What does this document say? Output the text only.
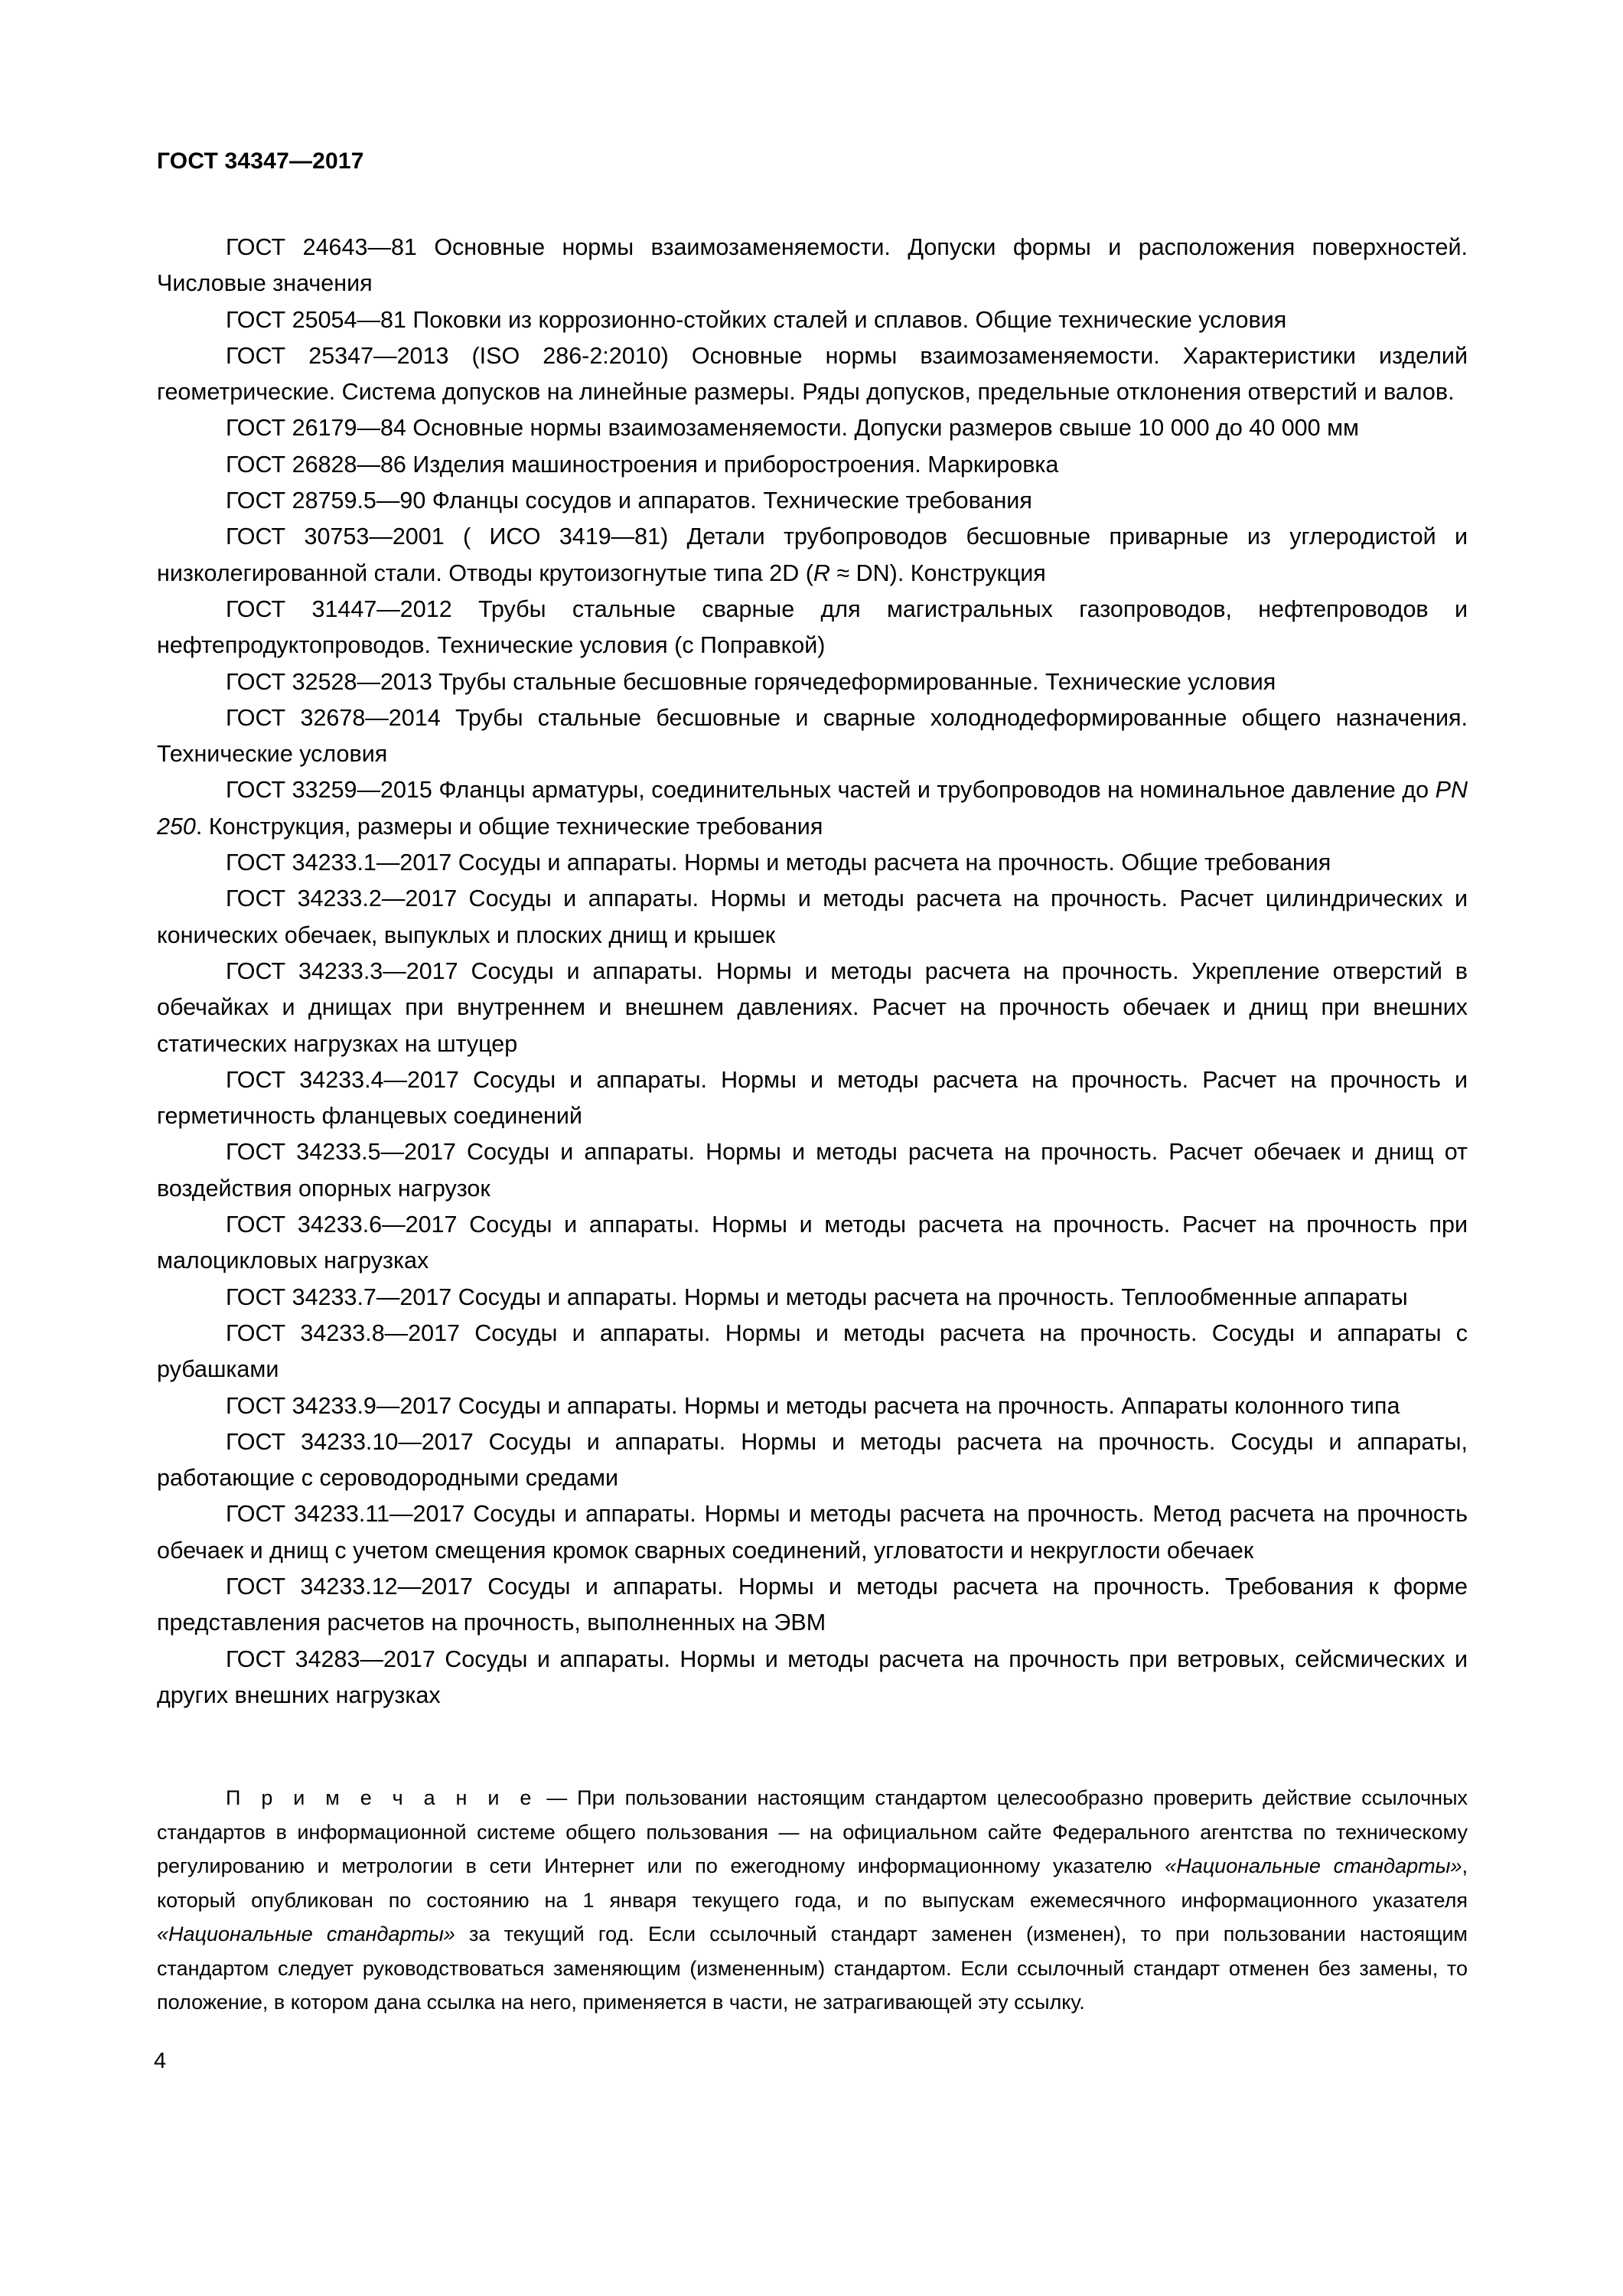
ГОСТ 34347—2017

ГОСТ 24643—81 Основные нормы взаимозаменяемости. Допуски формы и расположения поверхностей. Числовые значения

ГОСТ 25054—81 Поковки из коррозионно-стойких сталей и сплавов. Общие технические условия

ГОСТ 25347—2013 (ISO 286-2:2010) Основные нормы взаимозаменяемости. Характеристики изделий геометрические. Система допусков на линейные размеры. Ряды допусков, предельные отклонения отверстий и валов.

ГОСТ 26179—84 Основные нормы взаимозаменяемости. Допуски размеров свыше 10 000 до 40 000 мм

ГОСТ 26828—86 Изделия машиностроения и приборостроения. Маркировка

ГОСТ 28759.5—90 Фланцы сосудов и аппаратов. Технические требования

ГОСТ 30753—2001 ( ИСО 3419—81) Детали трубопроводов бесшовные приварные из углеродистой и низколегированной стали. Отводы крутоизогнутые типа 2D (R ≈ DN). Конструкция

ГОСТ 31447—2012 Трубы стальные сварные для магистральных газопроводов, нефтепроводов и нефтепродуктопроводов. Технические условия (с Поправкой)

ГОСТ 32528—2013 Трубы стальные бесшовные горячедеформированные. Технические условия

ГОСТ 32678—2014 Трубы стальные бесшовные и сварные холоднодеформированные общего назначения. Технические условия

ГОСТ 33259—2015 Фланцы арматуры, соединительных частей и трубопроводов на номинальное давление до PN 250. Конструкция, размеры и общие технические требования

ГОСТ 34233.1—2017 Сосуды и аппараты. Нормы и методы расчета на прочность. Общие требования

ГОСТ 34233.2—2017 Сосуды и аппараты. Нормы и методы расчета на прочность. Расчет цилиндрических и конических обечаек, выпуклых и плоских днищ и крышек

ГОСТ 34233.3—2017 Сосуды и аппараты. Нормы и методы расчета на прочность. Укрепление отверстий в обечайках и днищах при внутреннем и внешнем давлениях. Расчет на прочность обечаек и днищ при внешних статических нагрузках на штуцер

ГОСТ 34233.4—2017 Сосуды и аппараты. Нормы и методы расчета на прочность. Расчет на прочность и герметичность фланцевых соединений

ГОСТ 34233.5—2017 Сосуды и аппараты. Нормы и методы расчета на прочность. Расчет обечаек и днищ от воздействия опорных нагрузок

ГОСТ 34233.6—2017 Сосуды и аппараты. Нормы и методы расчета на прочность. Расчет на прочность при малоцикловых нагрузках

ГОСТ 34233.7—2017 Сосуды и аппараты. Нормы и методы расчета на прочность. Теплообменные аппараты

ГОСТ 34233.8—2017 Сосуды и аппараты. Нормы и методы расчета на прочность. Сосуды и аппараты с рубашками

ГОСТ 34233.9—2017 Сосуды и аппараты. Нормы и методы расчета на прочность. Аппараты колонного типа

ГОСТ 34233.10—2017 Сосуды и аппараты. Нормы и методы расчета на прочность. Сосуды и аппараты, работающие с сероводородными средами

ГОСТ 34233.11—2017 Сосуды и аппараты. Нормы и методы расчета на прочность. Метод расчета на прочность обечаек и днищ с учетом смещения кромок сварных соединений, угловатости и некруглости обечаек

ГОСТ 34233.12—2017 Сосуды и аппараты. Нормы и методы расчета на прочность. Требования к форме представления расчетов на прочность, выполненных на ЭВМ

ГОСТ 34283—2017 Сосуды и аппараты. Нормы и методы расчета на прочность при ветровых, сейсмических и других внешних нагрузках

П р и м е ч а н и е — При пользовании настоящим стандартом целесообразно проверить действие ссылочных стандартов в информационной системе общего пользования — на официальном сайте Федерального агентства по техническому регулированию и метрологии в сети Интернет или по ежегодному информационному указателю «Национальные стандарты», который опубликован по состоянию на 1 января текущего года, и по выпускам ежемесячного информационного указателя «Национальные стандарты» за текущий год. Если ссылочный стандарт заменен (изменен), то при пользовании настоящим стандартом следует руководствоваться заменяющим (измененным) стандартом. Если ссылочный стандарт отменен без замены, то положение, в котором дана ссылка на него, применяется в части, не затрагивающей эту ссылку.

4
